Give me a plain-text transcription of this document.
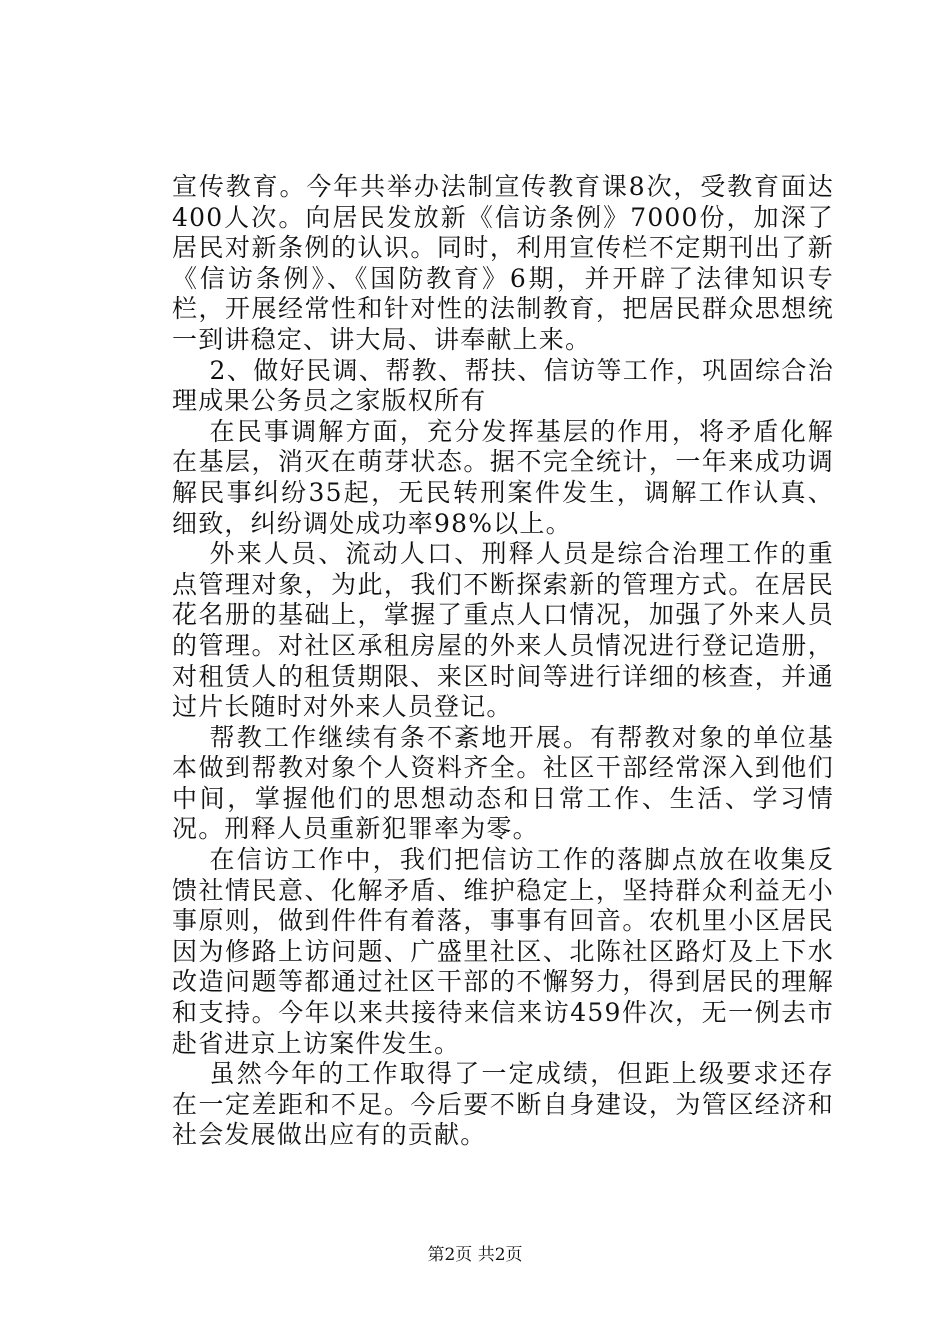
宣传教育。今年共举办法制宣传教育课8次，受教育面达400人次。向居民发放新《信访条例》7000份，加深了居民对新条例的认识。同时，利用宣传栏不定期刊出了新《信访条例》、《国防教育》6期，并开辟了法律知识专栏，开展经常性和针对性的法制教育，把居民群众思想统一到讲稳定、讲大局、讲奉献上来。

2、做好民调、帮教、帮扶、信访等工作，巩固综合治理成果公务员之家版权所有

在民事调解方面，充分发挥基层的作用，将矛盾化解在基层，消灭在萌芽状态。据不完全统计，一年来成功调解民事纠纷35起，无民转刑案件发生，调解工作认真、细致，纠纷调处成功率98%以上。

外来人员、流动人口、刑释人员是综合治理工作的重点管理对象，为此，我们不断探索新的管理方式。在居民花名册的基础上，掌握了重点人口情况，加强了外来人员的管理。对社区承租房屋的外来人员情况进行登记造册，对租赁人的租赁期限、来区时间等进行详细的核查，并通过片长随时对外来人员登记。

帮教工作继续有条不紊地开展。有帮教对象的单位基本做到帮教对象个人资料齐全。社区干部经常深入到他们中间，掌握他们的思想动态和日常工作、生活、学习情况。刑释人员重新犯罪率为零。

在信访工作中，我们把信访工作的落脚点放在收集反馈社情民意、化解矛盾、维护稳定上，坚持群众利益无小事原则，做到件件有着落，事事有回音。农机里小区居民因为修路上访问题、广盛里社区、北陈社区路灯及上下水改造问题等都通过社区干部的不懈努力，得到居民的理解和支持。今年以来共接待来信来访459件次，无一例去市赴省进京上访案件发生。

虽然今年的工作取得了一定成绩，但距上级要求还存在一定差距和不足。今后要不断自身建设，为管区经济和社会发展做出应有的贡献。

第2页 共2页
